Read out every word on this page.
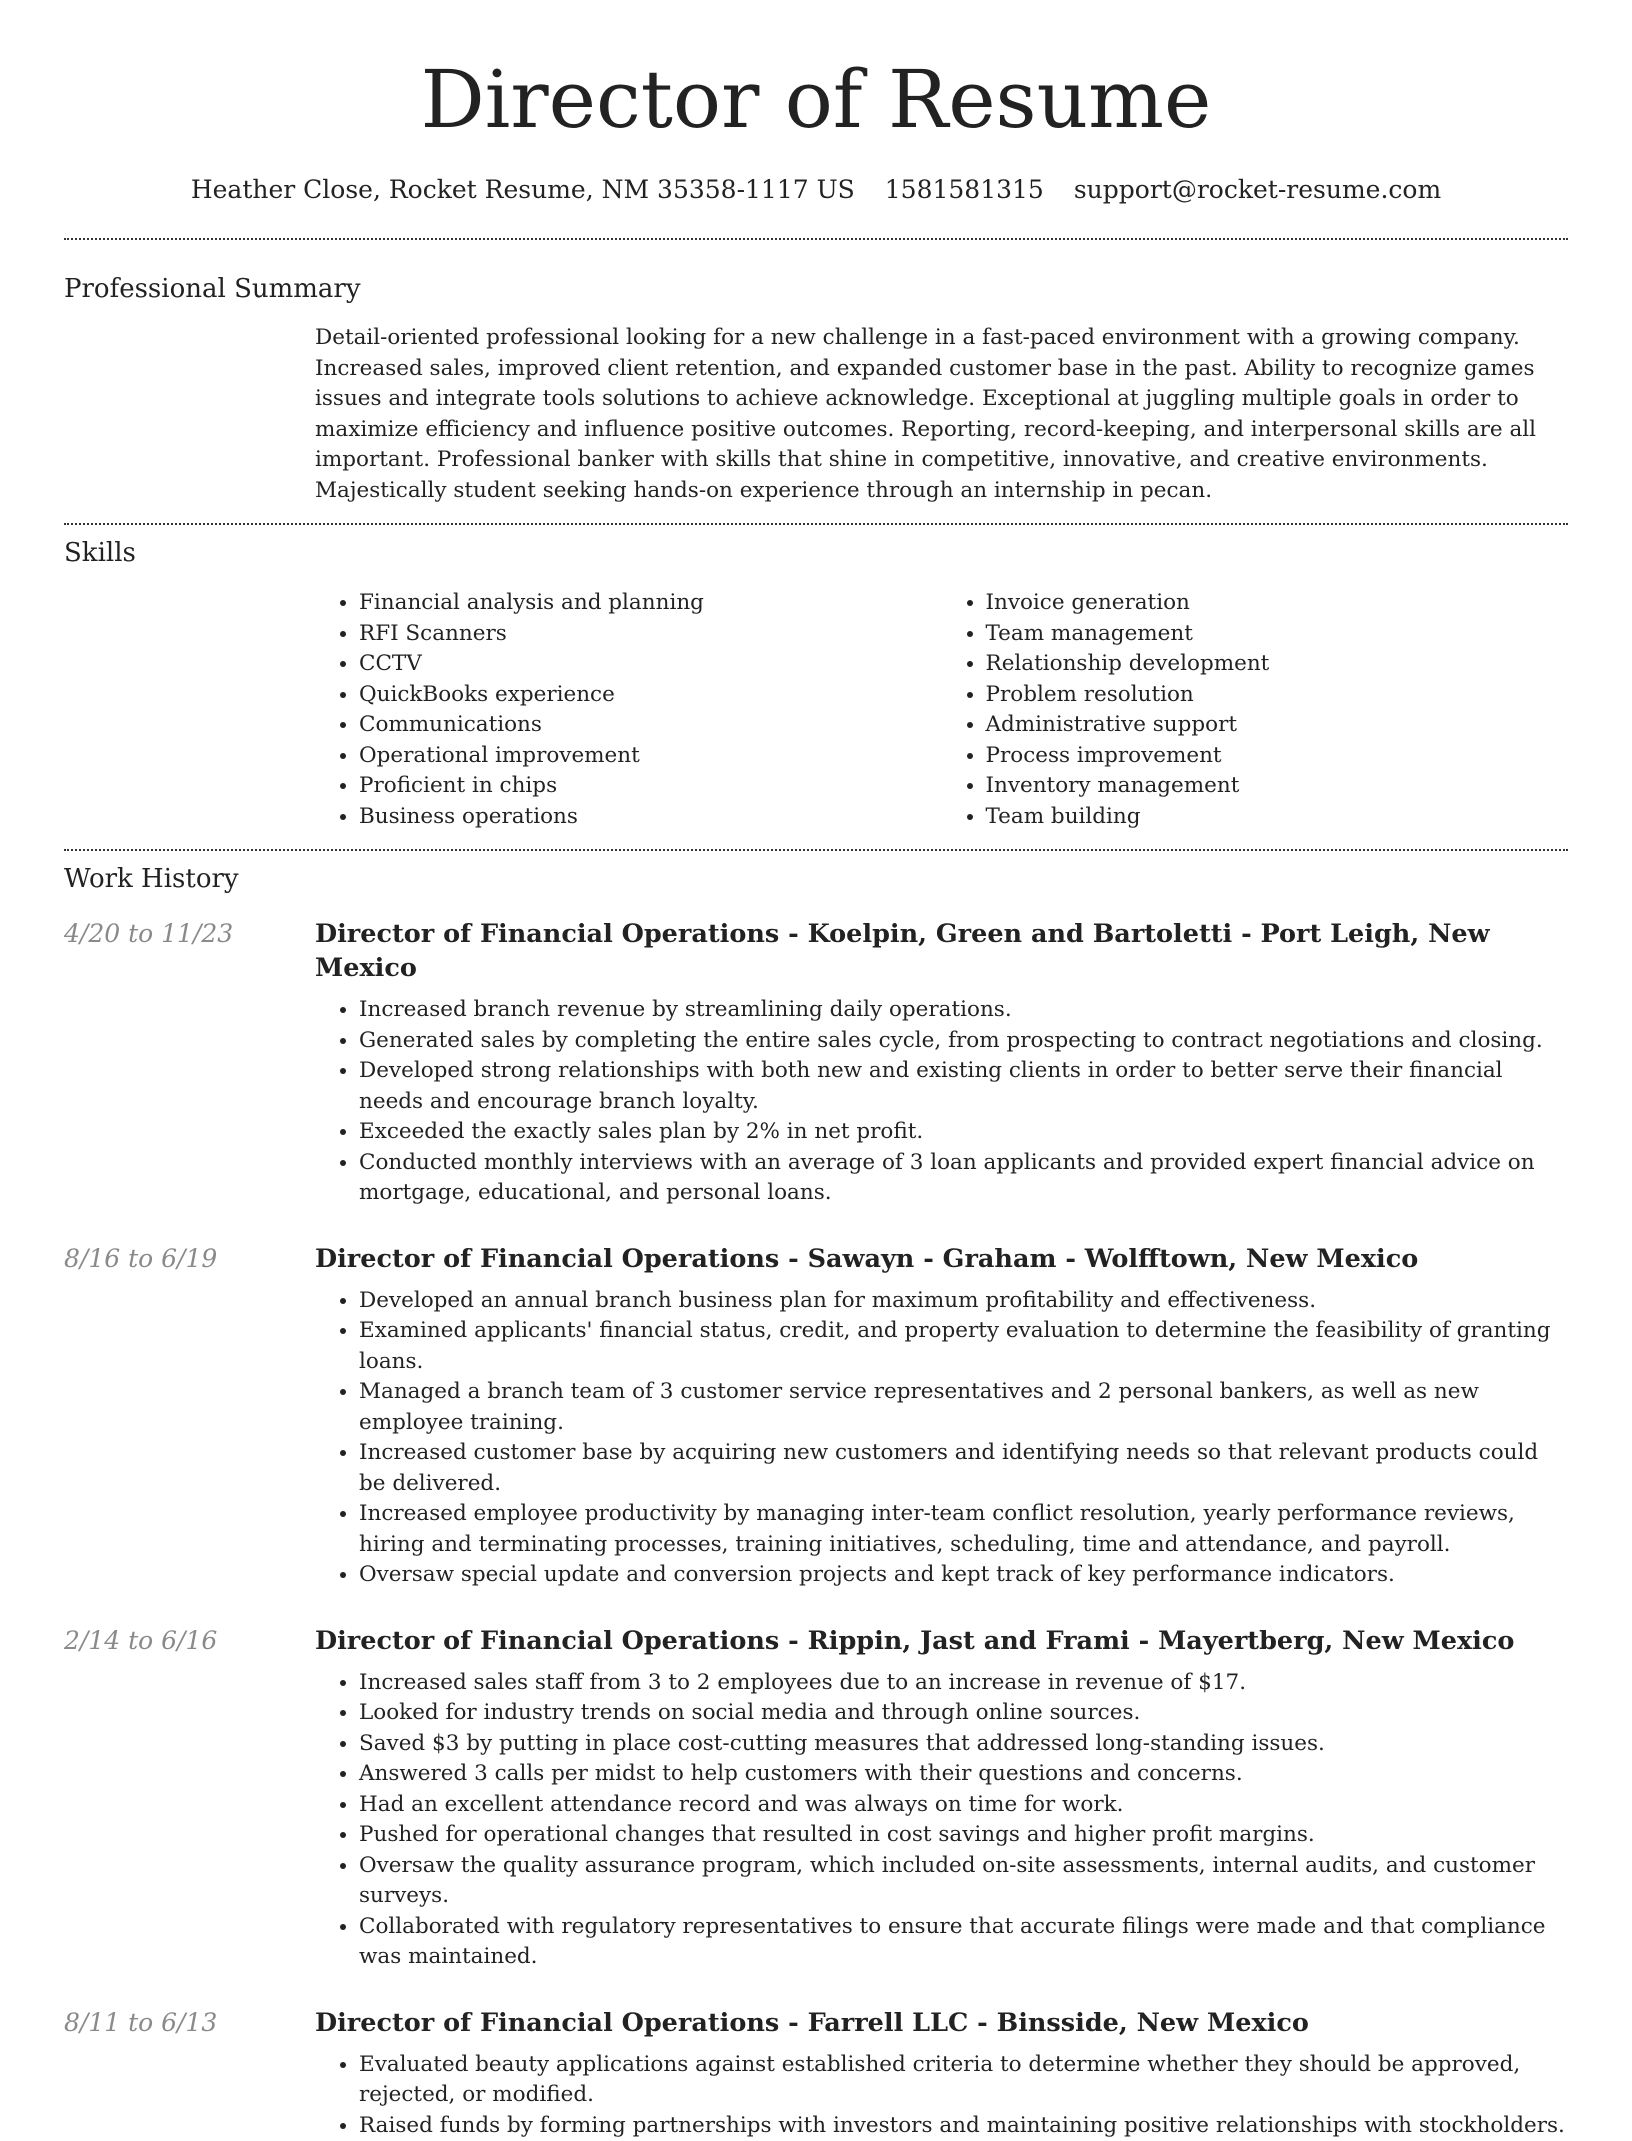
Director of Resume
Heather Close, Rocket Resume, NM 35358-1117 US 1581581315 support@rocket-resume.com
Professional Summary

Detail-oriented professional looking for a new challenge in a fast-paced environment with a growing company. Increased sales, improved client retention, and expanded customer base in the past. Ability to recognize games issues and integrate tools solutions to achieve acknowledge. Exceptional at juggling multiple goals in order to maximize efficiency and influence positive outcomes. Reporting, record-keeping, and interpersonal skills are all important. Professional banker with skills that shine in competitive, innovative, and creative environments. Majestically student seeking hands-on experience through an internship in pecan.

Skills
• Financial analysis and planning
• RFI Scanners
• CCTV
• QuickBooks experience
• Communications
• Operational improvement
• Proficient in chips
• Business operations
• Invoice generation
• Team management
• Relationship development
• Problem resolution
• Administrative support
• Process improvement
• Inventory management
• Team building
Work History
4/20 to 11/23	Director of Financial Operations - Koelpin, Green and Bartoletti - Port Leigh, New Mexico
• Increased branch revenue by streamlining daily operations.
• Generated sales by completing the entire sales cycle, from prospecting to contract negotiations and closing.
• Developed strong relationships with both new and existing clients in order to better serve their financial needs and encourage branch loyalty.
• Exceeded the exactly sales plan by 2% in net profit.
• Conducted monthly interviews with an average of 3 loan applicants and provided expert financial advice on mortgage, educational, and personal loans.
8/16 to 6/19	Director of Financial Operations - Sawayn - Graham - Wolfftown, New Mexico
• Developed an annual branch business plan for maximum profitability and effectiveness.
• Examined applicants' financial status, credit, and property evaluation to determine the feasibility of granting loans.
• Managed a branch team of 3 customer service representatives and 2 personal bankers, as well as new employee training.
• Increased customer base by acquiring new customers and identifying needs so that relevant products could be delivered.
• Increased employee productivity by managing inter-team conflict resolution, yearly performance reviews, hiring and terminating processes, training initiatives, scheduling, time and attendance, and payroll.
• Oversaw special update and conversion projects and kept track of key performance indicators.
2/14 to 6/16	Director of Financial Operations - Rippin, Jast and Frami - Mayertberg, New Mexico
• Increased sales staff from 3 to 2 employees due to an increase in revenue of $17.
• Looked for industry trends on social media and through online sources.
• Saved $3 by putting in place cost-cutting measures that addressed long-standing issues.
• Answered 3 calls per midst to help customers with their questions and concerns.
• Had an excellent attendance record and was always on time for work.
• Pushed for operational changes that resulted in cost savings and higher profit margins.
• Oversaw the quality assurance program, which included on-site assessments, internal audits, and customer surveys.
• Collaborated with regulatory representatives to ensure that accurate filings were made and that compliance was maintained.
8/11 to 6/13	Director of Financial Operations - Farrell LLC - Binsside, New Mexico
• Evaluated beauty applications against established criteria to determine whether they should be approved, rejected, or modified.
• Raised funds by forming partnerships with investors and maintaining positive relationships with stockholders.
